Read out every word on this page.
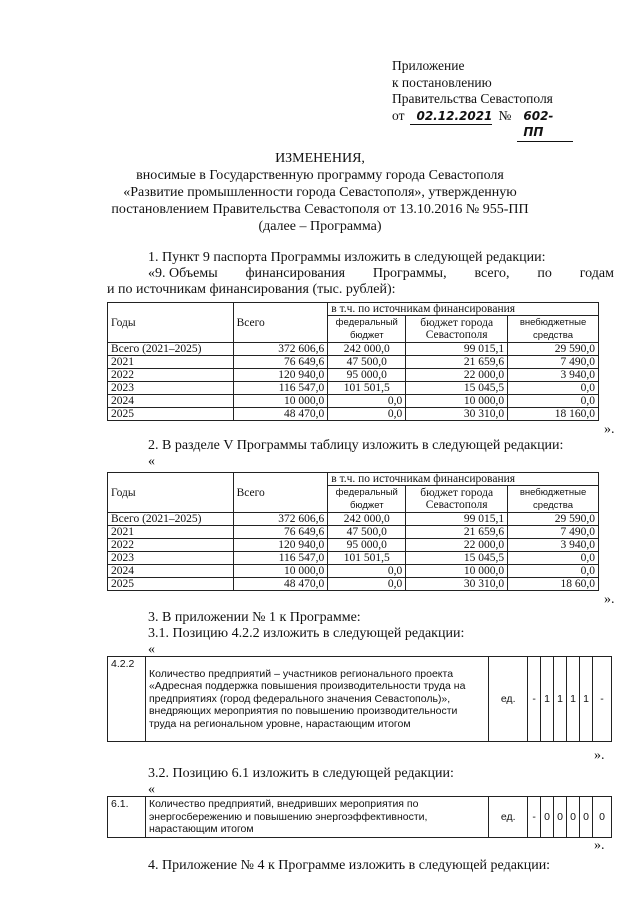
Приложение
к постановлению
Правительства Севастополя
от	02.12.2021 №	602-ПП
ИЗМЕНЕНИЯ,
вносимые в Государственную программу города Севастополя
«Развитие промышленности города Севастополя», утвержденную
постановлением Правительства Севастополя от 13.10.2016 № 955-ПП
(далее – Программа)
1. Пункт 9 паспорта Программы изложить в следующей редакции:
«9. Объемы финансирования Программы, всего, по годам
и по источникам финансирования (тыс. рублей):
Годы	Всего	в т.ч. по источникам финансирования		
		федеральный бюджет	бюджет города Севастополя	внебюджетные средства
Всего (2021–2025)	372 606,6	242 000,0	99 015,1	29 590,0
2021	76 649,6	47 500,0	21 659,6	7 490,0
2022	120 940,0	95 000,0	22 000,0	3 940,0
2023	116 547,0	101 501,5	15 045,5	0,0
2024	10 000,0	0,0	10 000,0	0,0
2025	48 470,0	0,0	30 310,0	18 160,0
».
2. В разделе V Программы таблицу изложить в следующей редакции:
«
Годы	Всего	в т.ч. по источникам финансирования		
		федеральный бюджет	бюджет города Севастополя	внебюджетные средства
Всего (2021–2025)	372 606,6	242 000,0	99 015,1	29 590,0
2021	76 649,6	47 500,0	21 659,6	7 490,0
2022	120 940,0	95 000,0	22 000,0	3 940,0
2023	116 547,0	101 501,5	15 045,5	0,0
2024	10 000,0	0,0	10 000,0	0,0
2025	48 470,0	0,0	30 310,0	18 60,0
».
3. В приложении № 1 к Программе:
3.1. Позицию 4.2.2 изложить в следующей редакции:
«
4.2.2	Количество предприятий – участников регионального проекта «Адресная поддержка повышения производительности труда на предприятиях (город федерального значения Севастополь)», внедряющих мероприятия по повышению производительности труда на региональном уровне, нарастающим итогом	ед.	-	1	1	1	1	-
».
3.2. Позицию 6.1 изложить в следующей редакции:
«
6.1.	Количество предприятий, внедривших мероприятия по энергосбережению и повышению энергоэффективности, нарастающим итогом	ед.	-	0	0	0	0	0
».
4. Приложение № 4 к Программе изложить в следующей редакции:
